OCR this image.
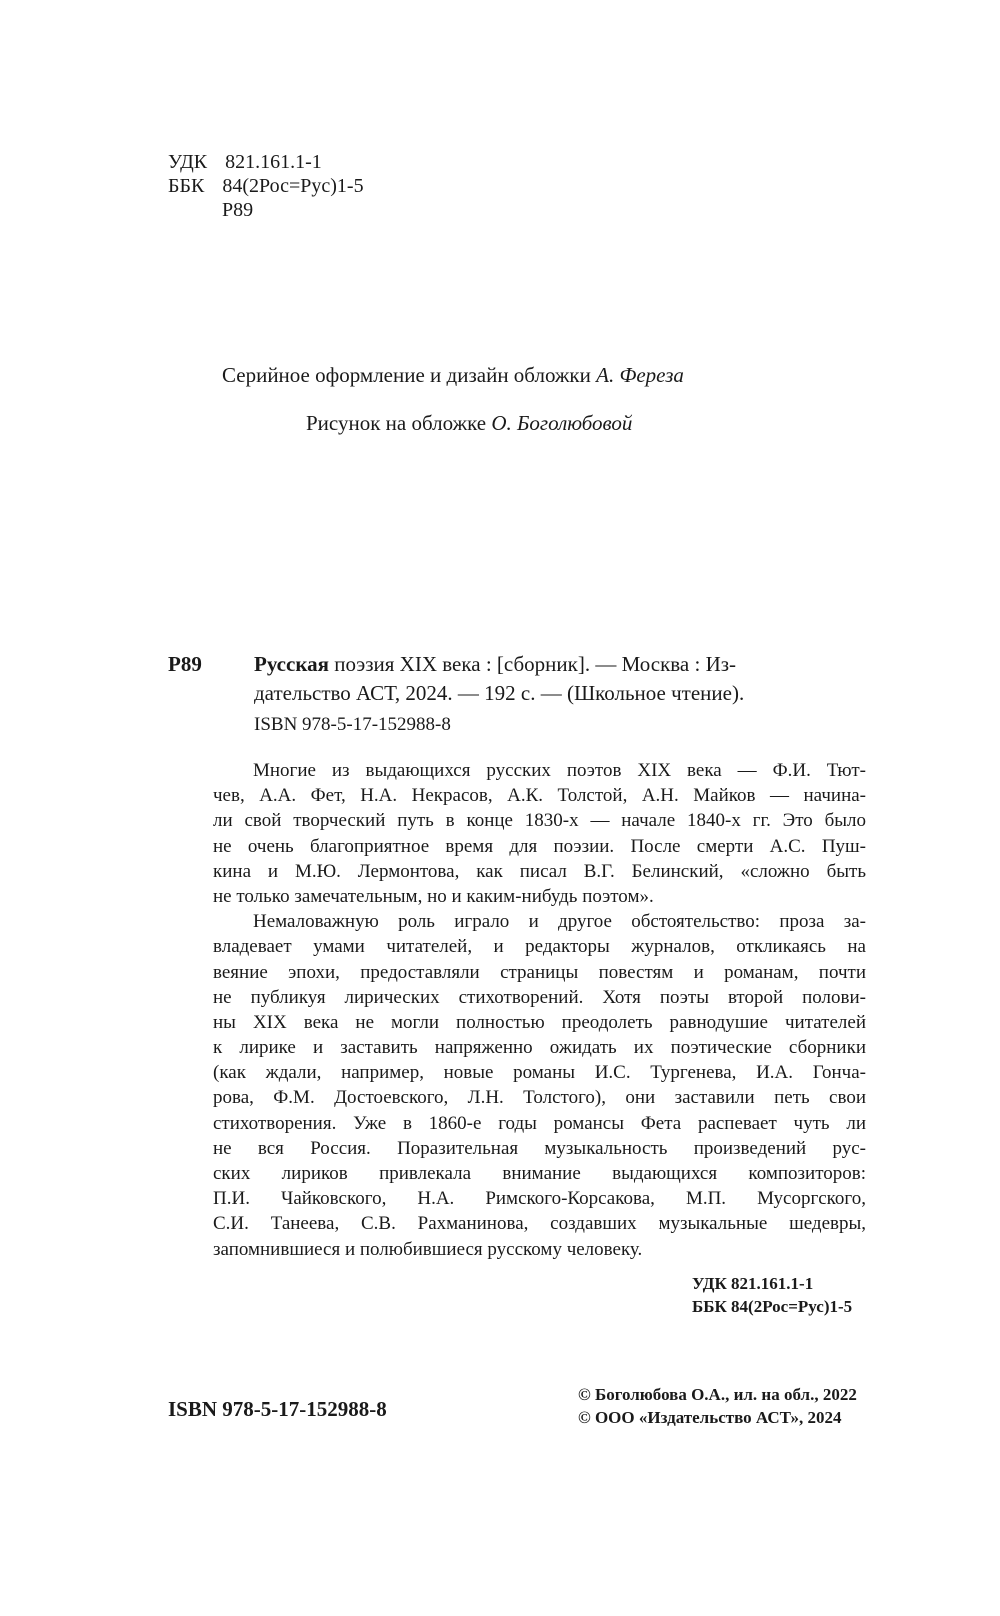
УДК 821.161.1-1
ББК 84(2Рос=Рус)1-5
Р89
Серийное оформление и дизайн обложки А. Фереза
Рисунок на обложке О. Боголюбовой
Р89 Русская поэзия XIX века : [сборник]. — Москва : Из-
дательство АСТ, 2024. — 192 с. — (Школьное чтение).
ISBN 978-5-17-152988-8
Многие из выдающихся русских поэтов XIX века — Ф.И. Тют-
чев, А.А. Фет, Н.А. Некрасов, А.К. Толстой, А.Н. Майков — начина-
ли свой творческий путь в конце 1830-х — начале 1840-х гг. Это было
не очень благоприятное время для поэзии. После смерти А.С. Пуш-
кина и М.Ю. Лермонтова, как писал В.Г. Белинский, «сложно быть
не только замечательным, но и каким-нибудь поэтом».
Немаловажную роль играло и другое обстоятельство: проза за-
владевает умами читателей, и редакторы журналов, откликаясь на
веяние эпохи, предоставляли страницы повестям и романам, почти
не публикуя лирических стихотворений. Хотя поэты второй полови-
ны XIX века не могли полностью преодолеть равнодушие читателей
к лирике и заставить напряженно ожидать их поэтические сборники
(как ждали, например, новые романы И.С. Тургенева, И.А. Гонча-
рова, Ф.М. Достоевского, Л.Н. Толстого), они заставили петь свои
стихотворения. Уже в 1860-е годы романсы Фета распевает чуть ли
не вся Россия. Поразительная музыкальность произведений рус-
ских лириков привлекала внимание выдающихся композиторов:
П.И. Чайковского, Н.А. Римского-Корсакова, М.П. Мусоргского,
С.И. Танеева, С.В. Рахманинова, создавших музыкальные шедевры,
запомнившиеся и полюбившиеся русскому человеку.
УДК 821.161.1-1
ББК 84(2Рос=Рус)1-5
ISBN 978-5-17-152988-8
© Боголюбова О.А., ил. на обл., 2022
© ООО «Издательство АСТ», 2024
